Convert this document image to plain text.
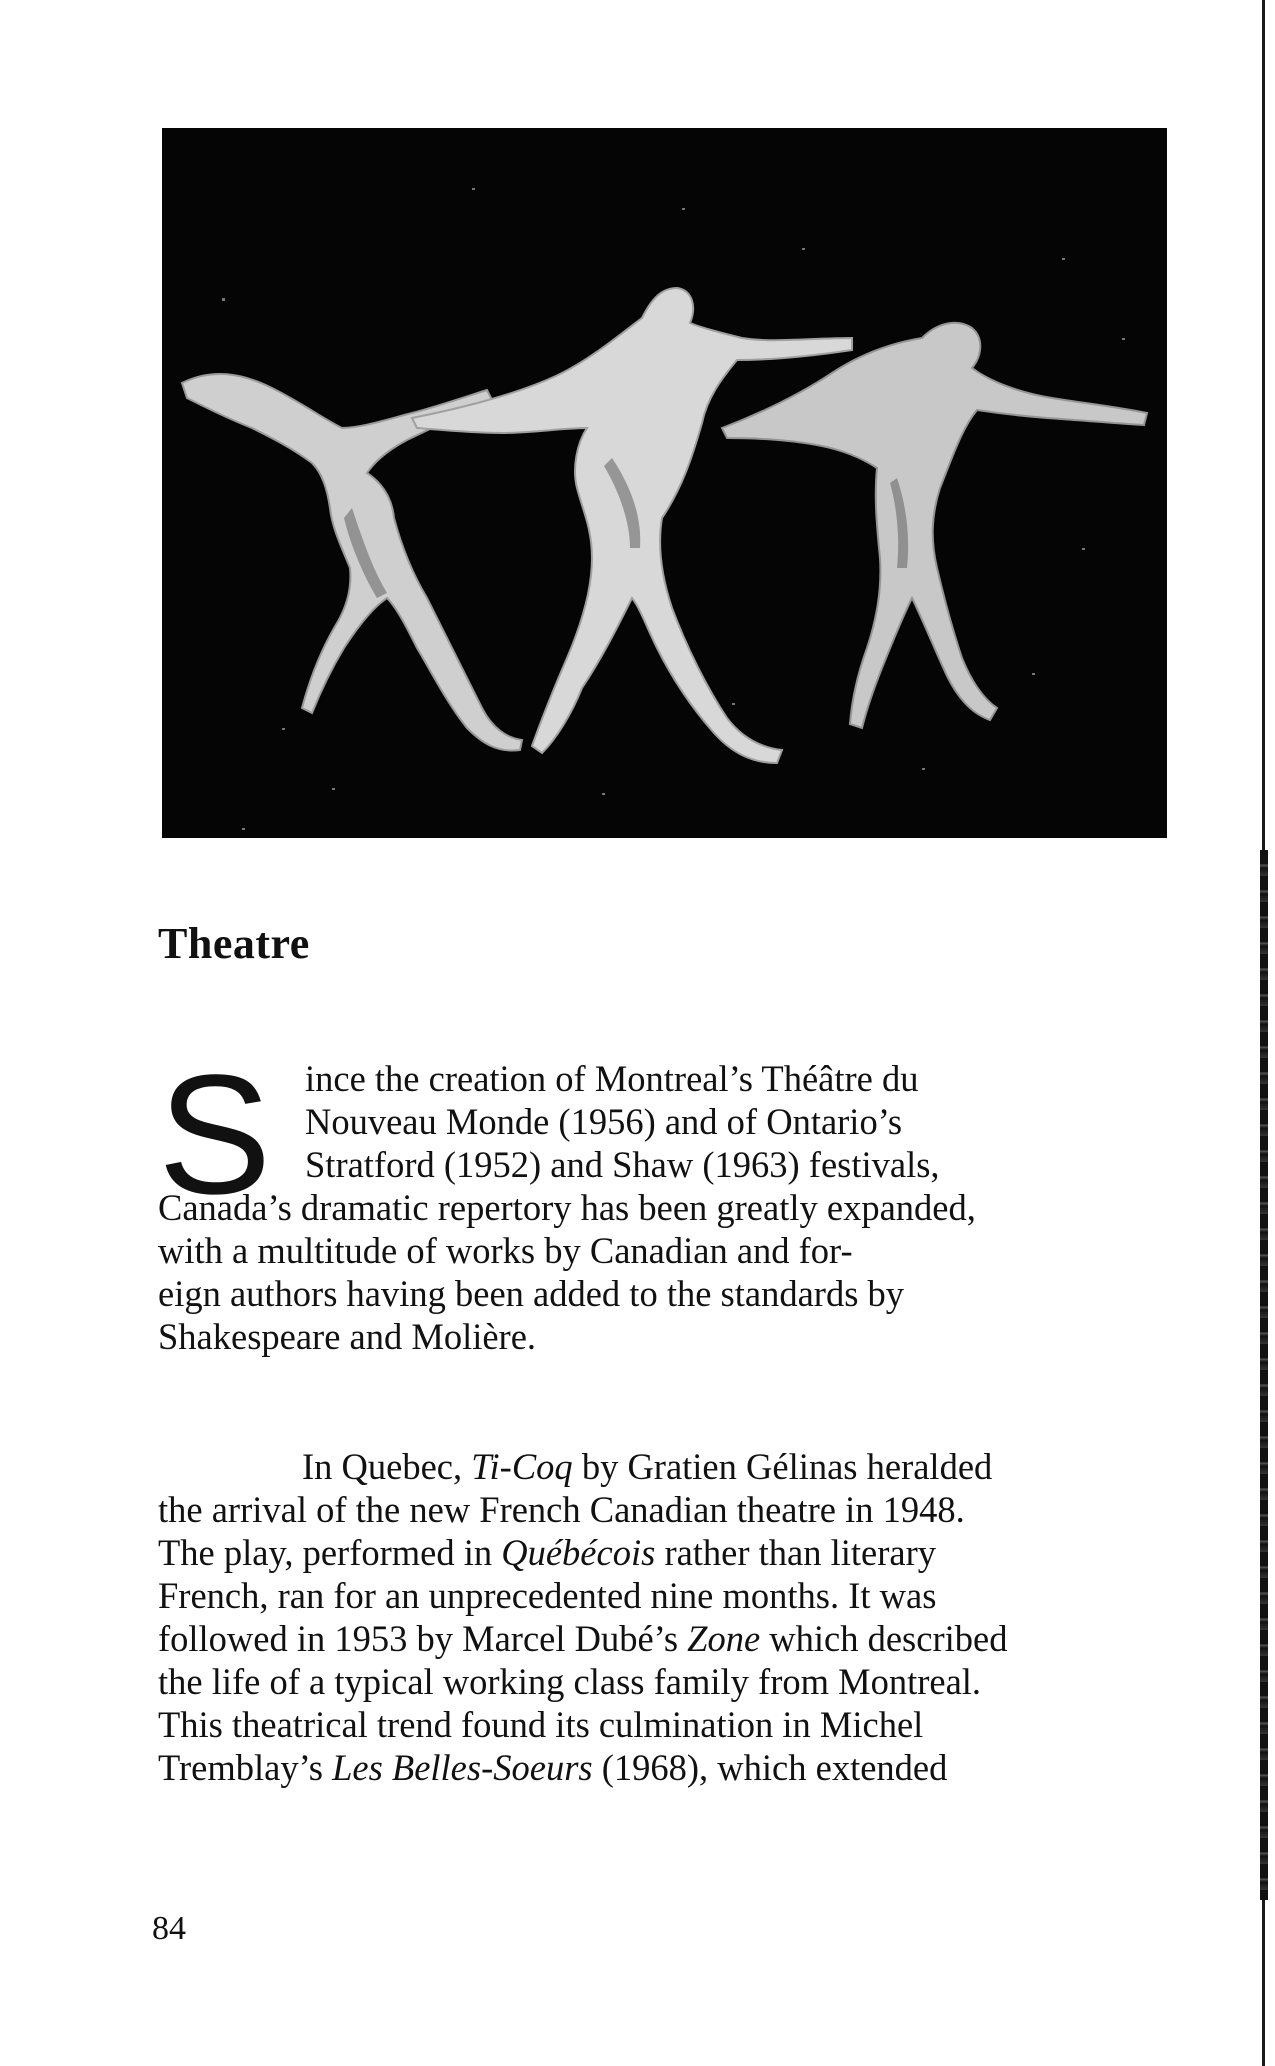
Theatre
S ince the creation of Montreal’s Théâtre du
Nouveau Monde (1956) and of Ontario’s
Stratford (1952) and Shaw (1963) festivals,
Canada’s dramatic repertory has been greatly expanded,
with a multitude of works by Canadian and for-
eign authors having been added to the standards by
Shakespeare and Molière.
In Quebec, Ti-Coq by Gratien Gélinas heralded
the arrival of the new French Canadian theatre in 1948.
The play, performed in Québécois rather than literary
French, ran for an unprecedented nine months. It was
followed in 1953 by Marcel Dubé’s Zone which described
the life of a typical working class family from Montreal.
This theatrical trend found its culmination in Michel
Tremblay’s Les Belles-Soeurs (1968), which extended

84
